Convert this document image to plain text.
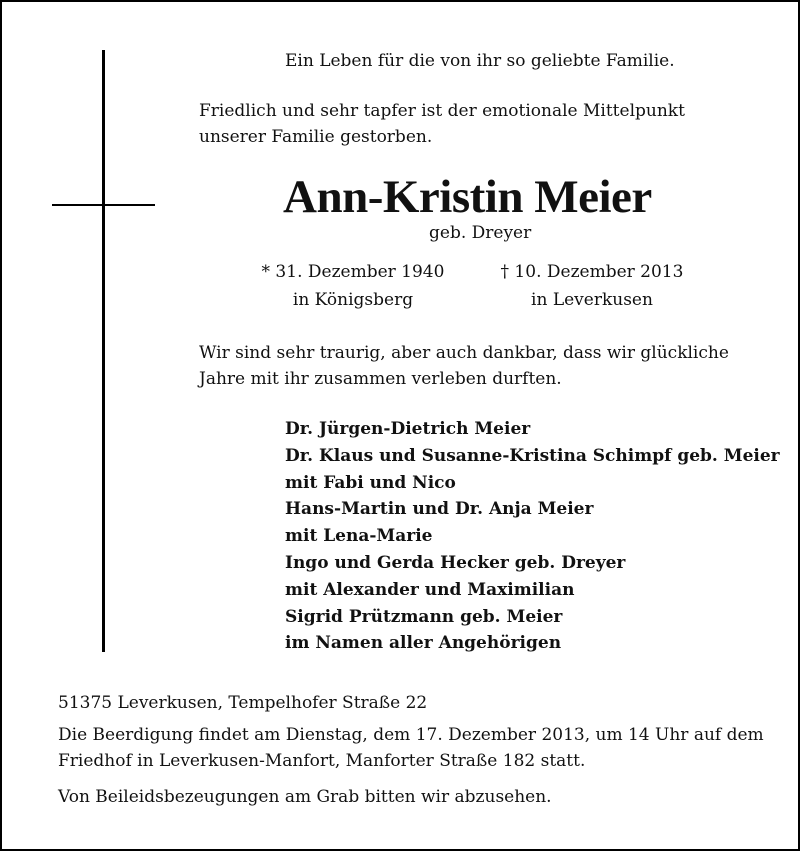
Ein Leben für die von ihr so geliebte Familie.

Friedlich und sehr tapfer ist der emotionale Mittelpunkt unserer Familie gestorben.

Ann-Kristin Meier

geb. Dreyer

* 31. Dezember 1940
in Königsberg
† 10. Dezember 2013
in Leverkusen

Wir sind sehr traurig, aber auch dankbar, dass wir glückliche Jahre mit ihr zusammen verleben durften.

Dr. Jürgen-Dietrich Meier
Dr. Klaus und Susanne-Kristina Schimpf geb. Meier
mit Fabi und Nico
Hans-Martin und Dr. Anja Meier
mit Lena-Marie
Ingo und Gerda Hecker geb. Dreyer
mit Alexander und Maximilian
Sigrid Prützmann geb. Meier
im Namen aller Angehörigen

51375 Leverkusen, Tempelhofer Straße 22

Die Beerdigung findet am Dienstag, dem 17. Dezember 2013, um 14 Uhr auf dem Friedhof in Leverkusen-Manfort, Manforter Straße 182 statt.

Von Beileidsbezeugungen am Grab bitten wir abzusehen.
